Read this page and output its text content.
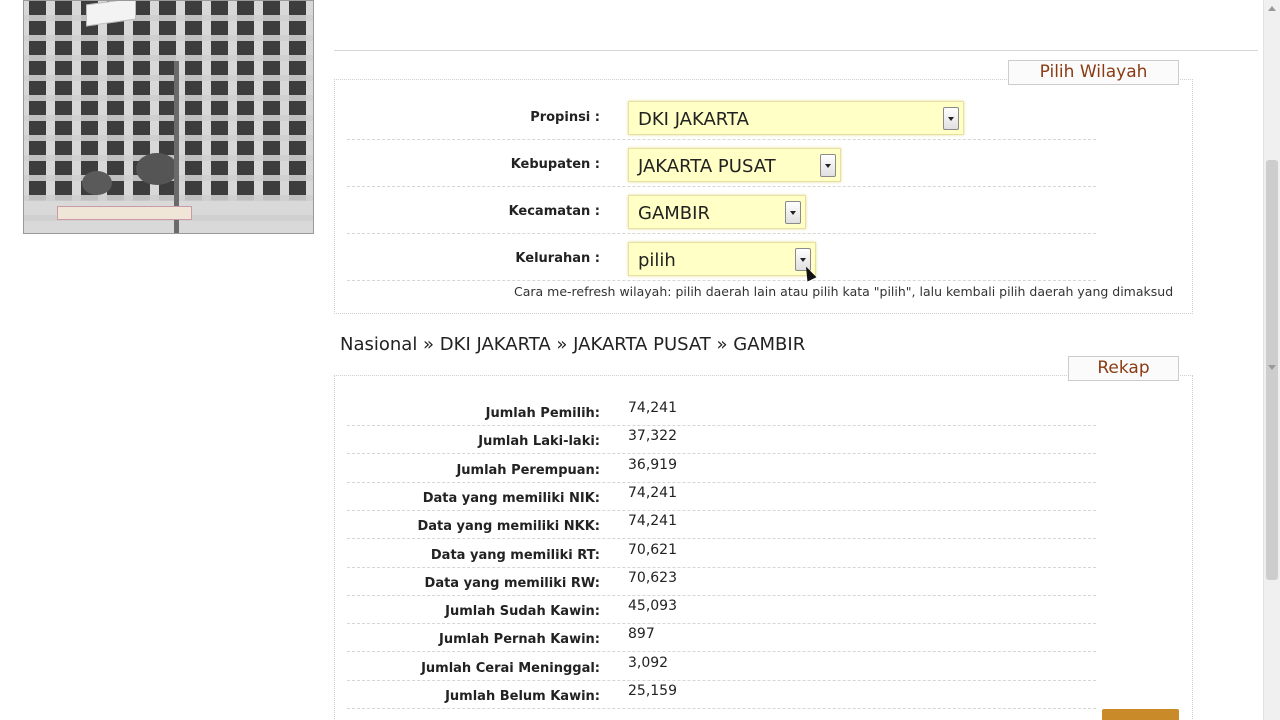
Pilih Wilayah
Propinsi : DKI JAKARTA
Kebupaten : JAKARTA PUSAT
Kecamatan : GAMBIR
Kelurahan : pilih
Cara me-refresh wilayah: pilih daerah lain atau pilih kata "pilih", lalu kembali pilih daerah yang dimaksud
Nasional » DKI JAKARTA » JAKARTA PUSAT » GAMBIR
Rekap
Jumlah Pemilih: 74,241
Jumlah Laki-laki: 37,322
Jumlah Perempuan: 36,919
Data yang memiliki NIK: 74,241
Data yang memiliki NKK: 74,241
Data yang memiliki RT: 70,621
Data yang memiliki RW: 70,623
Jumlah Sudah Kawin: 45,093
Jumlah Pernah Kawin: 897
Jumlah Cerai Meninggal: 3,092
Jumlah Belum Kawin: 25,159
